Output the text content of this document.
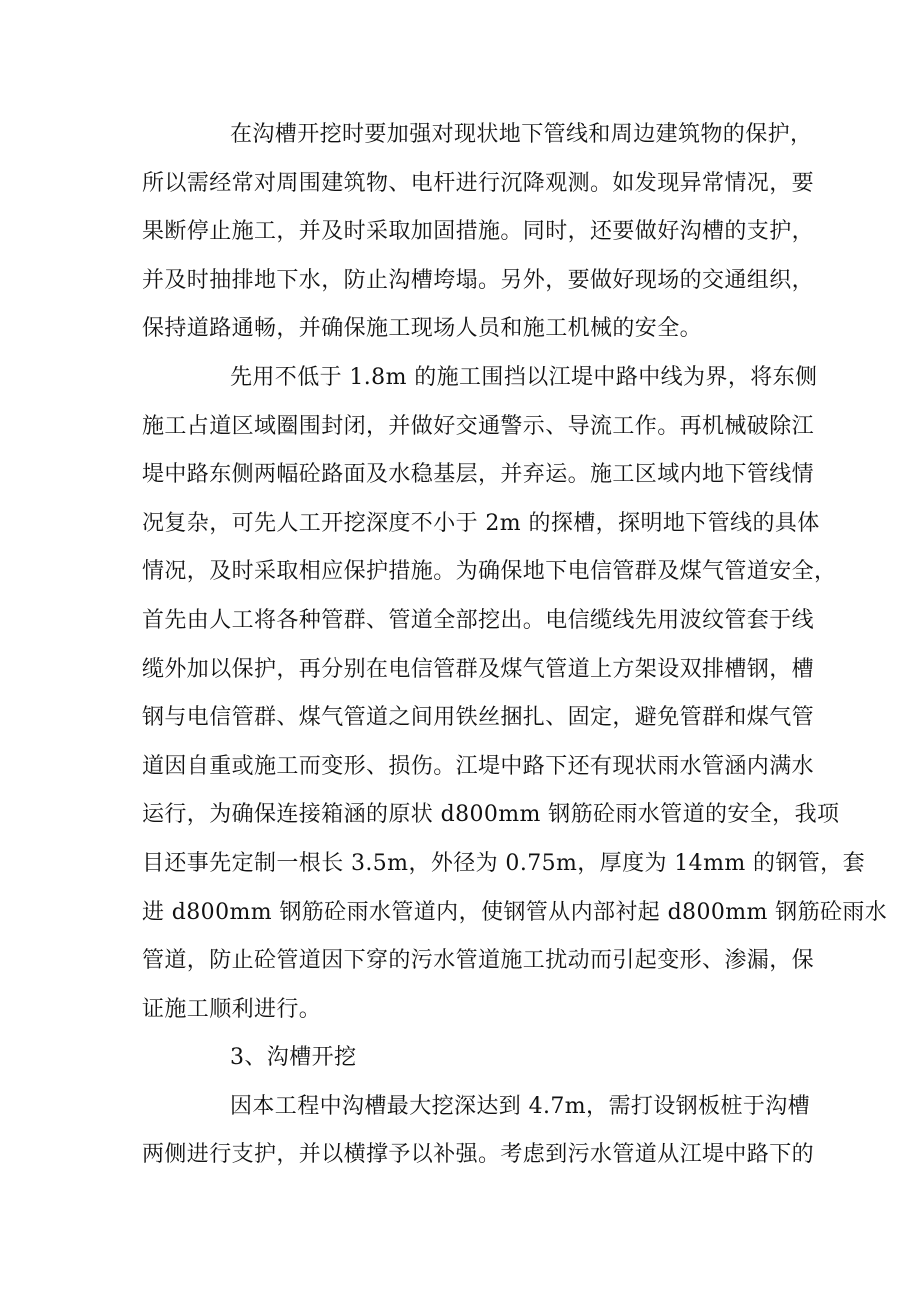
在沟槽开挖时要加强对现状地下管线和周边建筑物的保护，
所以需经常对周围建筑物、电杆进行沉降观测。如发现异常情况，要
果断停止施工，并及时采取加固措施。同时，还要做好沟槽的支护，
并及时抽排地下水，防止沟槽垮塌。另外，要做好现场的交通组织，
保持道路通畅，并确保施工现场人员和施工机械的安全。
先用不低于 1.8m 的施工围挡以江堤中路中线为界，将东侧
施工占道区域圈围封闭，并做好交通警示、导流工作。再机械破除江
堤中路东侧两幅砼路面及水稳基层，并弃运。施工区域内地下管线情
况复杂，可先人工开挖深度不小于 2m 的探槽，探明地下管线的具体
情况，及时采取相应保护措施。为确保地下电信管群及煤气管道安全，
首先由人工将各种管群、管道全部挖出。电信缆线先用波纹管套于线
缆外加以保护，再分别在电信管群及煤气管道上方架设双排槽钢，槽
钢与电信管群、煤气管道之间用铁丝捆扎、固定，避免管群和煤气管
道因自重或施工而变形、损伤。江堤中路下还有现状雨水管涵内满水
运行，为确保连接箱涵的原状 d800mm 钢筋砼雨水管道的安全，我项
目还事先定制一根长 3.5m，外径为 0.75m，厚度为 14mm 的钢管，套
进 d800mm 钢筋砼雨水管道内，使钢管从内部衬起 d800mm 钢筋砼雨水
管道，防止砼管道因下穿的污水管道施工扰动而引起变形、渗漏，保
证施工顺利进行。
3、沟槽开挖
因本工程中沟槽最大挖深达到 4.7m，需打设钢板桩于沟槽
两侧进行支护，并以横撑予以补强。考虑到污水管道从江堤中路下的
